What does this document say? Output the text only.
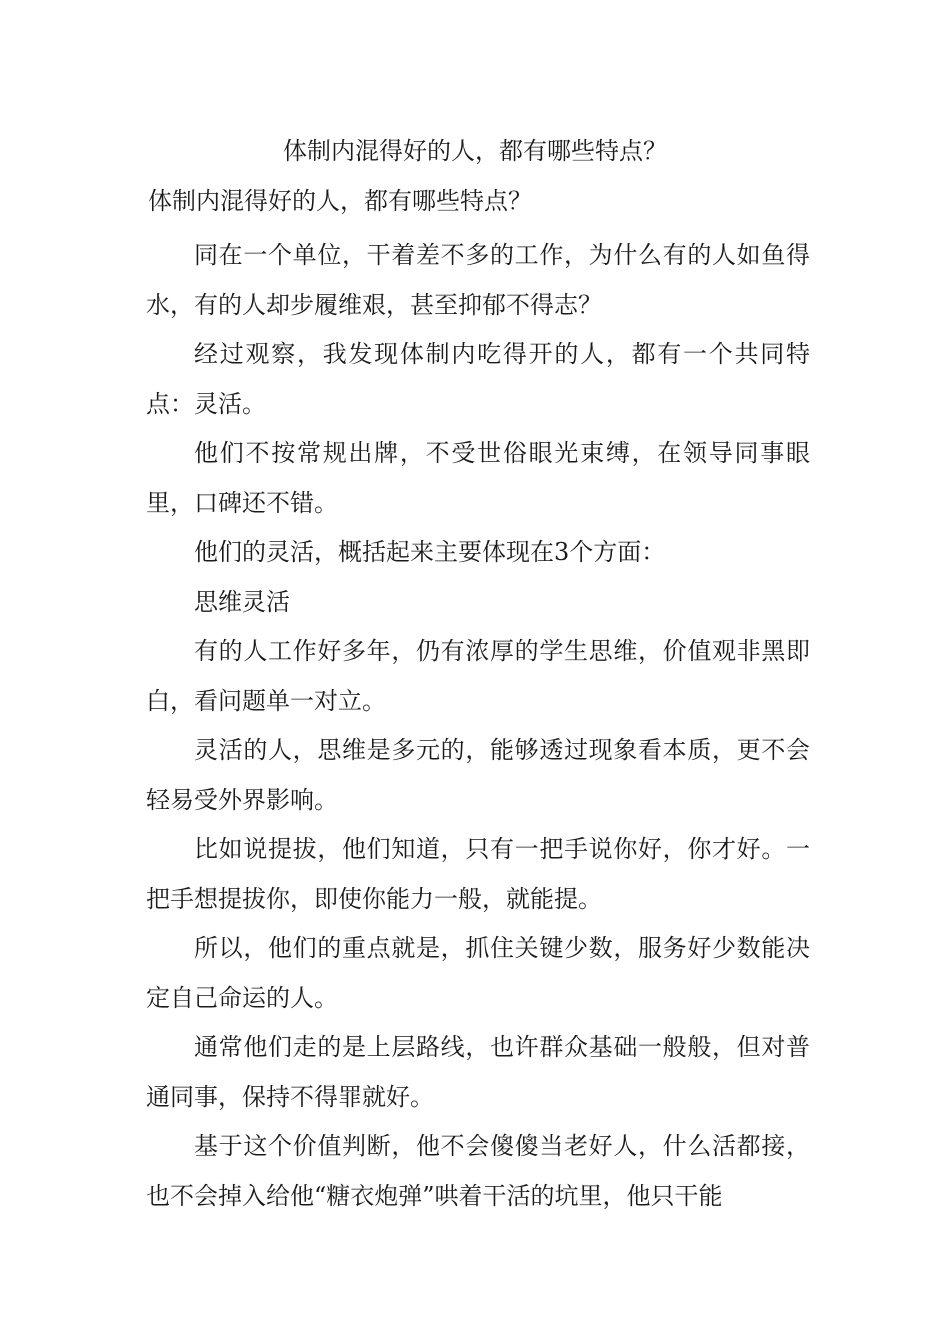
体制内混得好的人，都有哪些特点？
体制内混得好的人，都有哪些特点？

同在一个单位，干着差不多的工作，为什么有的人如鱼得水，有的人却步履维艰，甚至抑郁不得志？

经过观察，我发现体制内吃得开的人，都有一个共同特点：灵活。

他们不按常规出牌，不受世俗眼光束缚，在领导同事眼里，口碑还不错。

他们的灵活，概括起来主要体现在3个方面：

思维灵活

有的人工作好多年，仍有浓厚的学生思维，价值观非黑即白，看问题单一对立。

灵活的人，思维是多元的，能够透过现象看本质，更不会轻易受外界影响。

比如说提拔，他们知道，只有一把手说你好，你才好。一把手想提拔你，即使你能力一般，就能提。

所以，他们的重点就是，抓住关键少数，服务好少数能决定自己命运的人。

通常他们走的是上层路线，也许群众基础一般般，但对普通同事，保持不得罪就好。

基于这个价值判断，他不会傻傻当老好人，什么活都接，也不会掉入给他“糖衣炮弹”哄着干活的坑里，他只干能
